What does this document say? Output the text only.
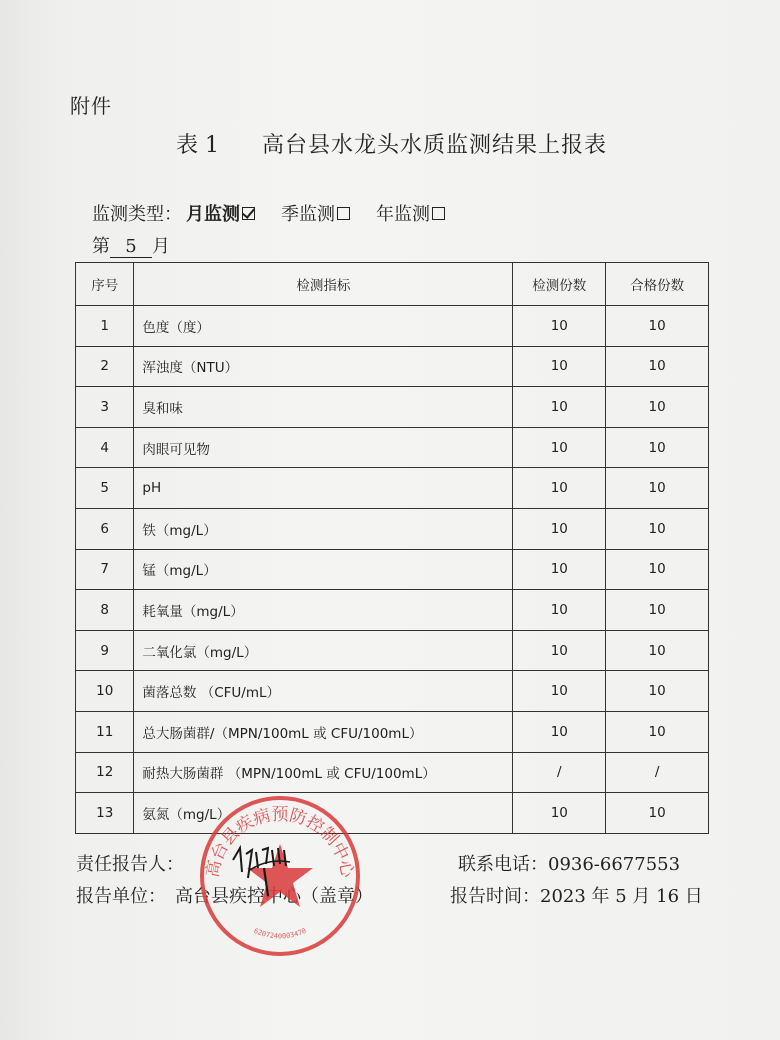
附件
表 1 高台县水龙头水质监测结果上报表
监测类型： 月监测 季监测 年监测
第 5 月
序号	检测指标	检测份数	合格份数
1	色度（度）	10	10
2	浑浊度（NTU）	10	10
3	臭和味	10	10
4	肉眼可见物	10	10
5	pH	10	10
6	铁（mg/L）	10	10
7	锰（mg/L）	10	10
8	耗氧量（mg/L）	10	10
9	二氧化氯（mg/L）	10	10
10	菌落总数 （CFU/mL）	10	10
11	总大肠菌群/（MPN/100mL 或 CFU/100mL）	10	10
12	耐热大肠菌群 （MPN/100mL 或 CFU/100mL）	/	/
13	氨氮（mg/L）	10	10
责任报告人：	联系电话：0936-6677553
报告单位：　高台县疾控中心（盖章）	报告时间：2023 年 5 月 16 日
高台县疾病预防控制中心
6207240003470
